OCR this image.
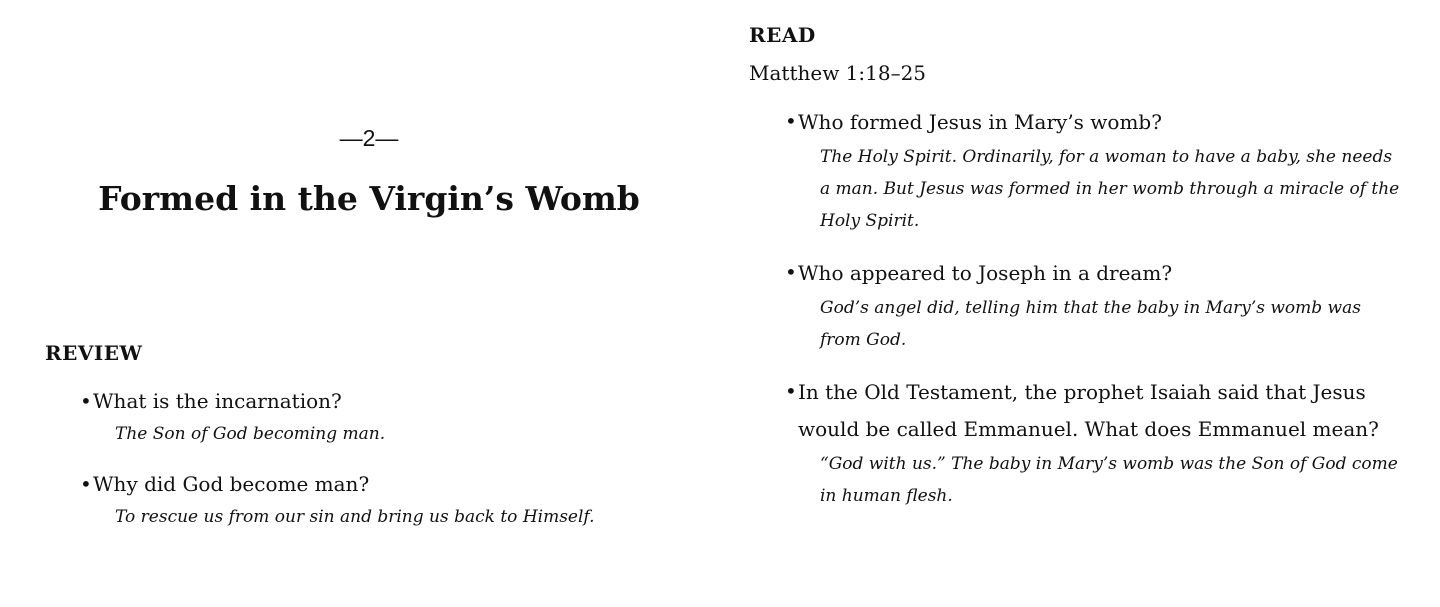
—2—
Formed in the Virgin’s Womb
REVIEW
• What is the incarnation?
The Son of God becoming man.
• Why did God become man?
To rescue us from our sin and bring us back to Himself.
READ
Matthew 1:18–25
• Who formed Jesus in Mary’s womb?
The Holy Spirit. Ordinarily, for a woman to have a baby, she needs a man. But Jesus was formed in her womb through a miracle of the Holy Spirit.
• Who appeared to Joseph in a dream?
God’s angel did, telling him that the baby in Mary’s womb was from God.
• In the Old Testament, the prophet Isaiah said that Jesus would be called Emmanuel. What does Emmanuel mean?
“God with us.” The baby in Mary’s womb was the Son of God come in human flesh.
